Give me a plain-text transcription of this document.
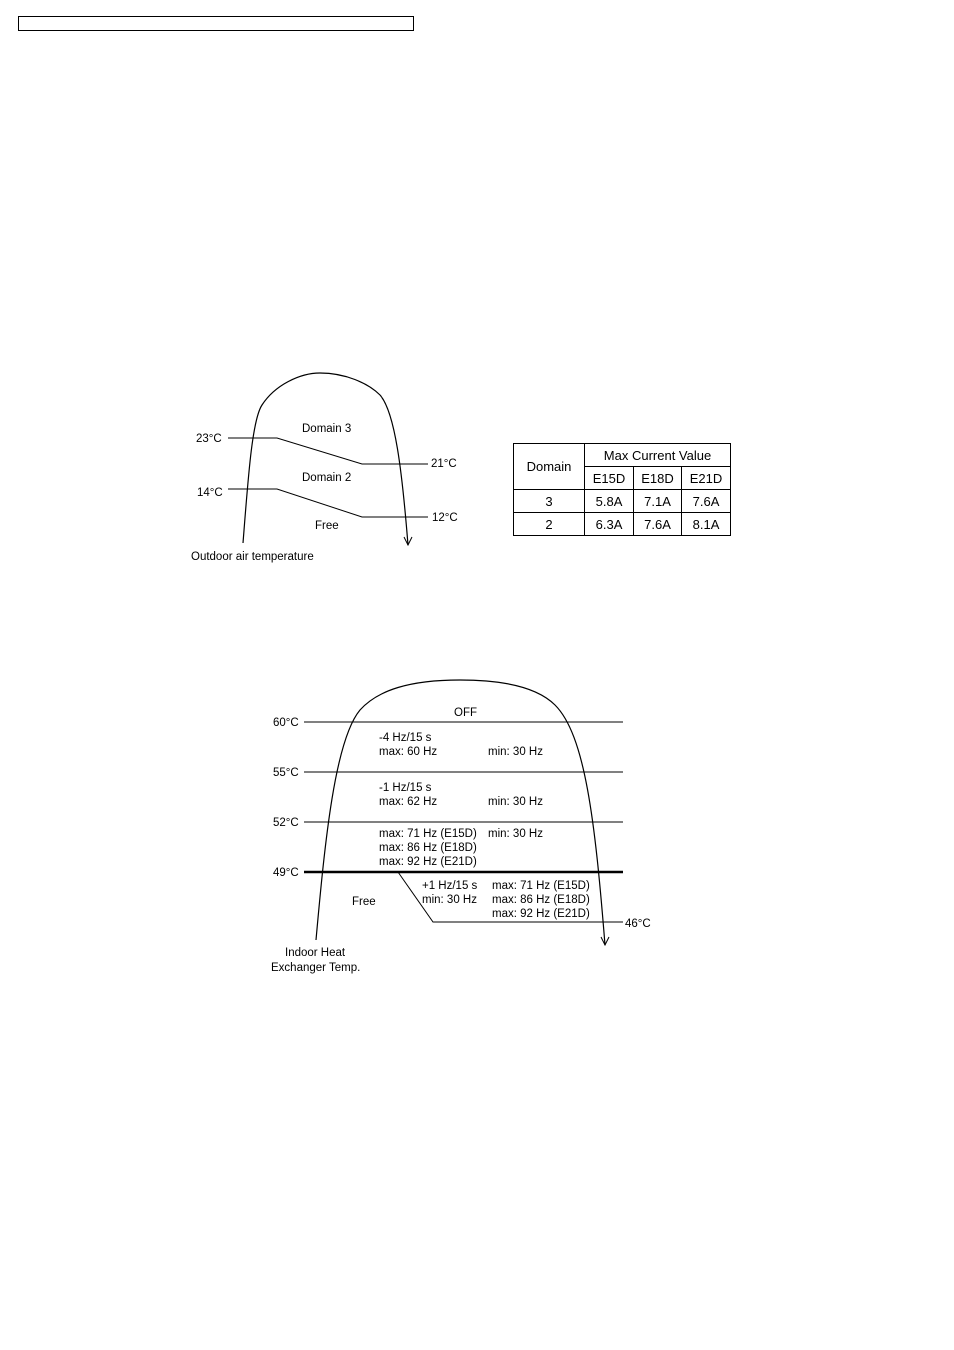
23°C
14°C
21°C
12°C
Domain 3
Domain 2
Free
Outdoor air temperature
60°C
55°C
52°C
49°C
46°C
OFF
-4 Hz/15 s
max: 60 Hz	min: 30 Hz
-1 Hz/15 s
max: 62 Hz	min: 30 Hz
max: 71 Hz (E15D) min: 30 Hz
max: 86 Hz (E18D)
max: 92 Hz (E21D)
+1 Hz/15 s
min: 30 Hz
max: 71 Hz (E15D)
max: 86 Hz (E18D)
max: 92 Hz (E21D)
Free
Indoor Heat
Exchanger Temp.
Domain	Max Current Value		
	E15D	E18D	E21D
3	5.8A	7.1A	7.6A
2	6.3A	7.6A	8.1A
